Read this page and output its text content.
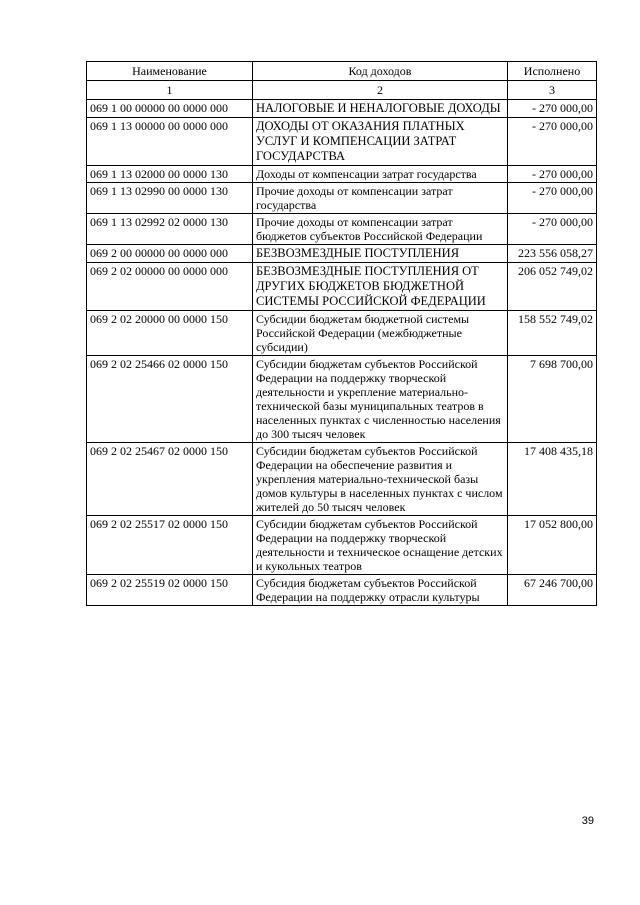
Наименование	Код доходов	Исполнено
1	2	3
069 1 00 00000 00 0000 000	НАЛОГОВЫЕ И НЕНАЛОГОВЫЕ ДОХОДЫ	- 270 000,00
069 1 13 00000 00 0000 000	ДОХОДЫ ОТ ОКАЗАНИЯ ПЛАТНЫХ УСЛУГ И КОМПЕНСАЦИИ ЗАТРАТ ГОСУДАРСТВА	- 270 000,00
069 1 13 02000 00 0000 130	Доходы от компенсации затрат государства	- 270 000,00
069 1 13 02990 00 0000 130	Прочие доходы от компенсации затрат государства	- 270 000,00
069 1 13 02992 02 0000 130	Прочие доходы от компенсации затрат бюджетов субъектов Российской Федерации	- 270 000,00
069 2 00 00000 00 0000 000	БЕЗВОЗМЕЗДНЫЕ ПОСТУПЛЕНИЯ	223 556 058,27
069 2 02 00000 00 0000 000	БЕЗВОЗМЕЗДНЫЕ ПОСТУПЛЕНИЯ ОТ ДРУГИХ БЮДЖЕТОВ БЮДЖЕТНОЙ СИСТЕМЫ РОССИЙСКОЙ ФЕДЕРАЦИИ	206 052 749,02
069 2 02 20000 00 0000 150	Субсидии бюджетам бюджетной системы Российской Федерации (межбюджетные субсидии)	158 552 749,02
069 2 02 25466 02 0000 150	Субсидии бюджетам субъектов Российской Федерации на поддержку творческой деятельности и укрепление материально-технической базы муниципальных театров в населенных пунктах с численностью населения до 300 тысяч человек	7 698 700,00
069 2 02 25467 02 0000 150	Субсидии бюджетам субъектов Российской Федерации на обеспечение развития и укрепления материально-технической базы домов культуры в населенных пунктах с числом жителей до 50 тысяч человек	17 408 435,18
069 2 02 25517 02 0000 150	Субсидии бюджетам субъектов Российской Федерации на поддержку творческой деятельности и техническое оснащение детских и кукольных театров	17 052 800,00
069 2 02 25519 02 0000 150	Субсидия бюджетам субъектов Российской Федерации на поддержку отрасли культуры	67 246 700,00
39
